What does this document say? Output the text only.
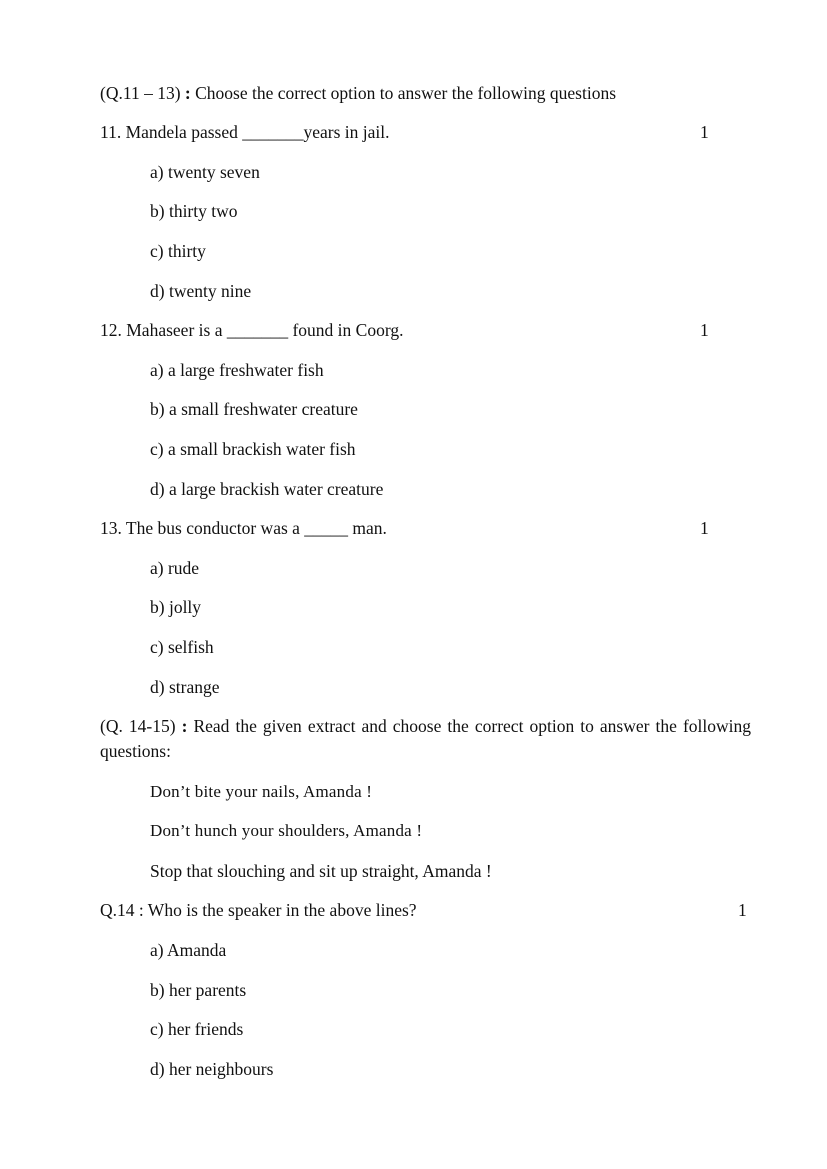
(Q.11 – 13) : Choose the correct option to answer the following questions
11. Mandela passed _______years in jail.	1
a) twenty seven
b) thirty two
c) thirty
d) twenty nine
12. Mahaseer is a _______ found in Coorg.	1
a) a large freshwater fish
b) a small freshwater creature
c) a small brackish water fish
d) a large brackish water creature
13. The bus conductor was a _____ man.	1
a) rude
b) jolly
c) selfish
d) strange
(Q. 14-15) : Read the given extract and choose the correct option to answer the following questions:
Don’t bite your nails, Amanda !
Don’t hunch your shoulders, Amanda !
Stop that slouching and sit up straight, Amanda !
Q.14 : Who is the speaker in the above lines?	1
a) Amanda
b) her parents
c) her friends
d) her neighbours
